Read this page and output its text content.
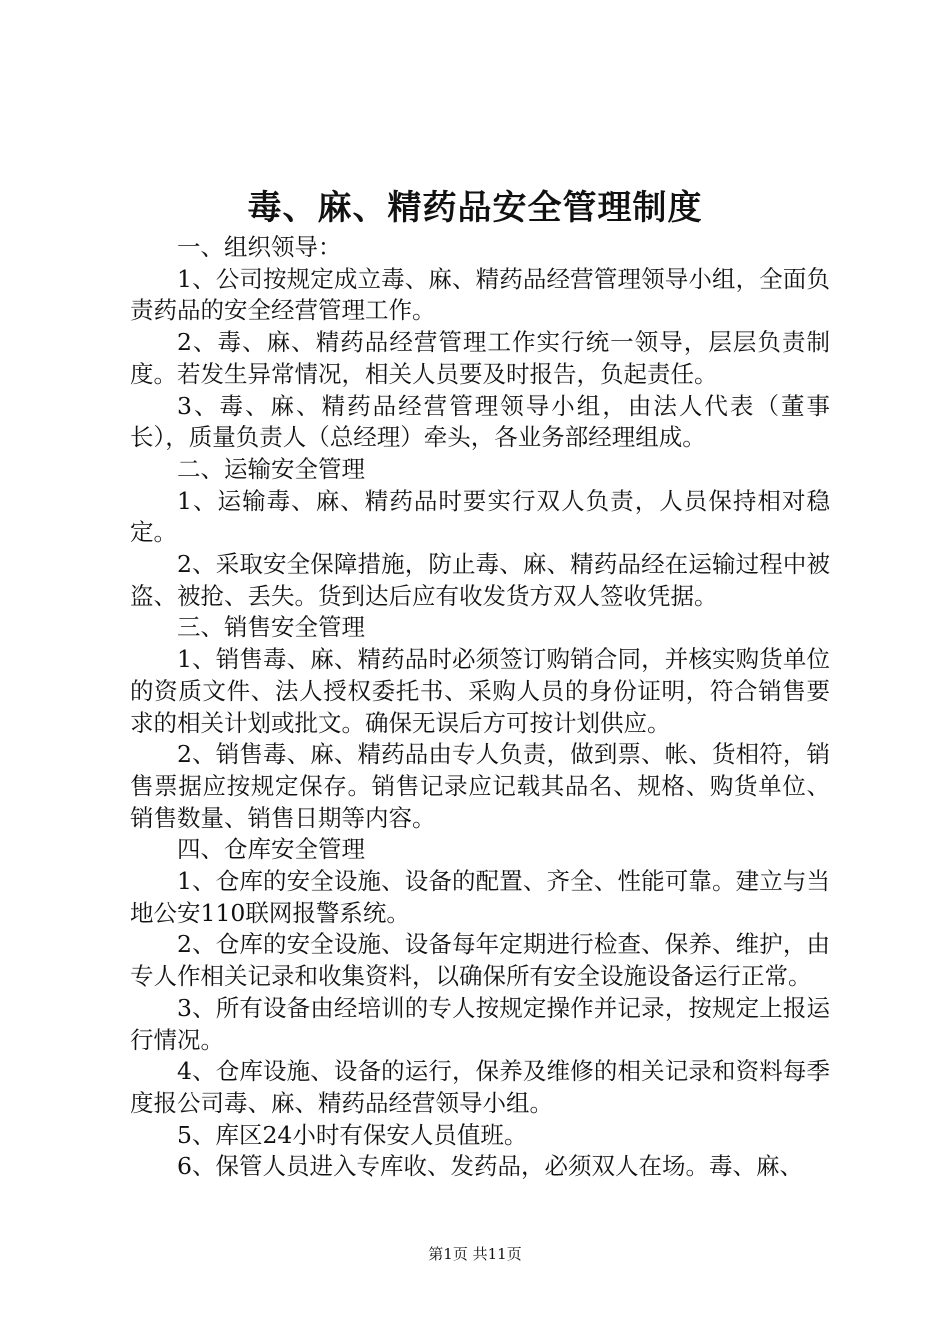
毒、麻、精药品安全管理制度

一、组织领导：

1、公司按规定成立毒、麻、精药品经营管理领导小组，全面负责药品的安全经营管理工作。

2、毒、麻、精药品经营管理工作实行统一领导，层层负责制度。若发生异常情况，相关人员要及时报告，负起责任。

3、毒、麻、精药品经营管理领导小组，由法人代表（董事长），质量负责人（总经理）牵头，各业务部经理组成。

二、运输安全管理

1、运输毒、麻、精药品时要实行双人负责，人员保持相对稳定。

2、采取安全保障措施，防止毒、麻、精药品经在运输过程中被盗、被抢、丢失。货到达后应有收发货方双人签收凭据。

三、销售安全管理

1、销售毒、麻、精药品时必须签订购销合同，并核实购货单位的资质文件、法人授权委托书、采购人员的身份证明，符合销售要求的相关计划或批文。确保无误后方可按计划供应。

2、销售毒、麻、精药品由专人负责，做到票、帐、货相符，销售票据应按规定保存。销售记录应记载其品名、规格、购货单位、销售数量、销售日期等内容。

四、仓库安全管理

1、仓库的安全设施、设备的配置、齐全、性能可靠。建立与当地公安110联网报警系统。

2、仓库的安全设施、设备每年定期进行检查、保养、维护，由专人作相关记录和收集资料，以确保所有安全设施设备运行正常。

3、所有设备由经培训的专人按规定操作并记录，按规定上报运行情况。

4、仓库设施、设备的运行，保养及维修的相关记录和资料每季度报公司毒、麻、精药品经营领导小组。

5、库区24小时有保安人员值班。

6、保管人员进入专库收、发药品，必须双人在场。毒、麻、

第1页 共11页
